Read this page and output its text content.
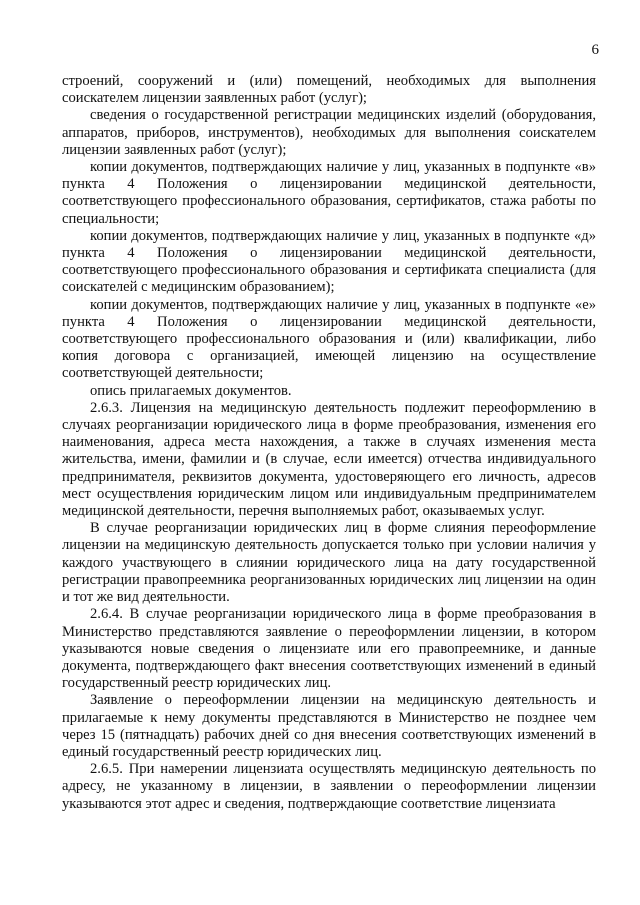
6

строений, сооружений и (или) помещений, необходимых для выполнения соискателем лицензии заявленных работ (услуг);

сведения о государственной регистрации медицинских изделий (оборудования, аппаратов, приборов, инструментов), необходимых для выполнения соискателем лицензии заявленных работ (услуг);

копии документов, подтверждающих наличие у лиц, указанных в подпункте «в» пункта 4 Положения о лицензировании медицинской деятельности, соответствующего профессионального образования, сертификатов, стажа работы по специальности;

копии документов, подтверждающих наличие у лиц, указанных в подпункте «д» пункта 4 Положения о лицензировании медицинской деятельности, соответствующего профессионального образования и сертификата специалиста (для соискателей с медицинским образованием);

копии документов, подтверждающих наличие у лиц, указанных в подпункте «е» пункта 4 Положения о лицензировании медицинской деятельности, соответствующего профессионального образования и (или) квалификации, либо копия договора с организацией, имеющей лицензию на осуществление соответствующей деятельности;

опись прилагаемых документов.

2.6.3. Лицензия на медицинскую деятельность подлежит переоформлению в случаях реорганизации юридического лица в форме преобразования, изменения его наименования, адреса места нахождения, а также в случаях изменения места жительства, имени, фамилии и (в случае, если имеется) отчества индивидуального предпринимателя, реквизитов документа, удостоверяющего его личность, адресов мест осуществления юридическим лицом или индивидуальным предпринимателем медицинской деятельности, перечня выполняемых работ, оказываемых услуг.

В случае реорганизации юридических лиц в форме слияния переоформление лицензии на медицинскую деятельность допускается только при условии наличия у каждого участвующего в слиянии юридического лица на дату государственной регистрации правопреемника реорганизованных юридических лиц лицензии на один и тот же вид деятельности.

2.6.4. В случае реорганизации юридического лица в форме преобразования в Министерство представляются заявление о переоформлении лицензии, в котором указываются новые сведения о лицензиате или его правопреемнике, и данные документа, подтверждающего факт внесения соответствующих изменений в единый государственный реестр юридических лиц.

Заявление о переоформлении лицензии на медицинскую деятельность и прилагаемые к нему документы представляются в Министерство не позднее чем через 15 (пятнадцать) рабочих дней со дня внесения соответствующих изменений в единый государственный реестр юридических лиц.

2.6.5. При намерении лицензиата осуществлять медицинскую деятельность по адресу, не указанному в лицензии, в заявлении о переоформлении лицензии указываются этот адрес и сведения, подтверждающие соответствие лицензиата
